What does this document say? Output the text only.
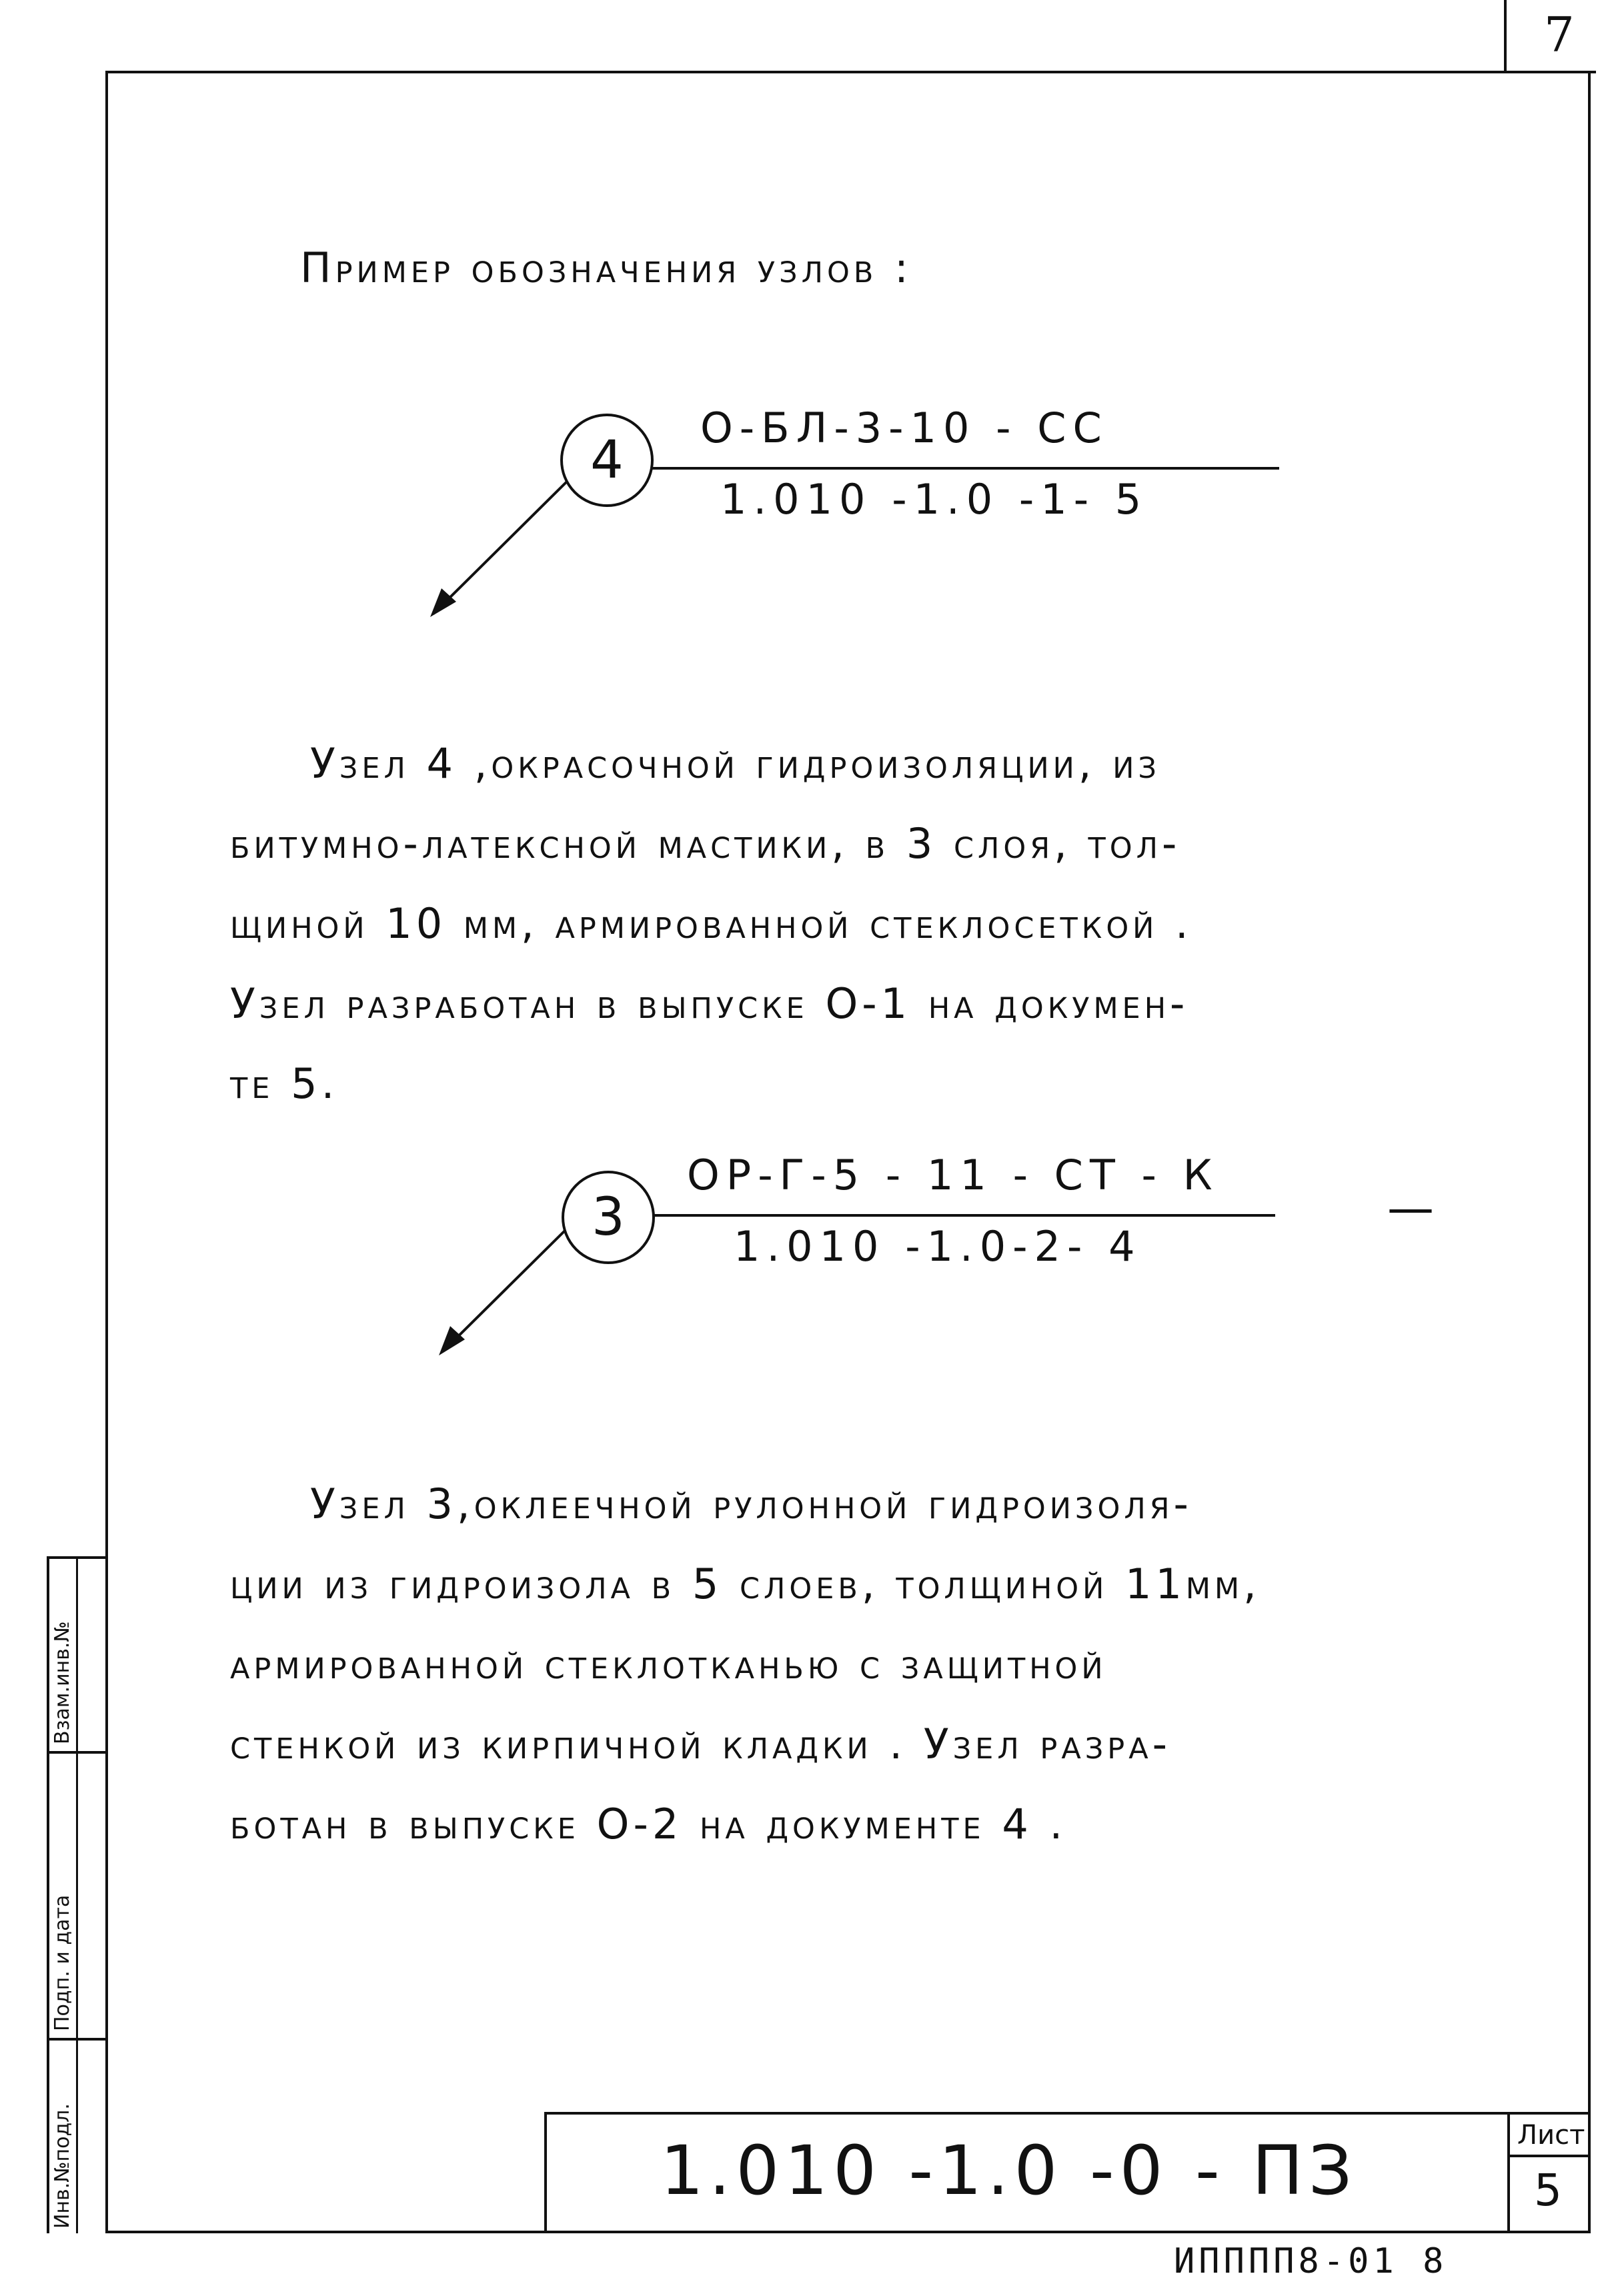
7
Пример обозначения узлов :
4
О-БЛ-3-10 - СС
1.010 -1.0 -1- 5
Узел 4 ,окрасочной гидроизоляции, из
битумно-латексной мастики, в 3 слоя, тол-
щиной 10 мм, армированной стеклосеткой .
Узел разработан в выпуске О-1 на докумен-
те 5.
3
ОР-Г-5 - 11 - СТ - К
1.010 -1.0-2- 4
—
Узел 3,оклеечной рулонной гидроизоля-
ции из гидроизола в 5 слоев, толщиной 11мм,
армированной стеклотканью с защитной
стенкой из кирпичной кладки . Узел разра-
ботан в выпуске О-2 на документе 4 .
Инв.№подл.
Подп. и дата
Взам.инв.№
1.010 -1.0 -0 - ПЗ	Лист
5
ИПППП8-01 8
